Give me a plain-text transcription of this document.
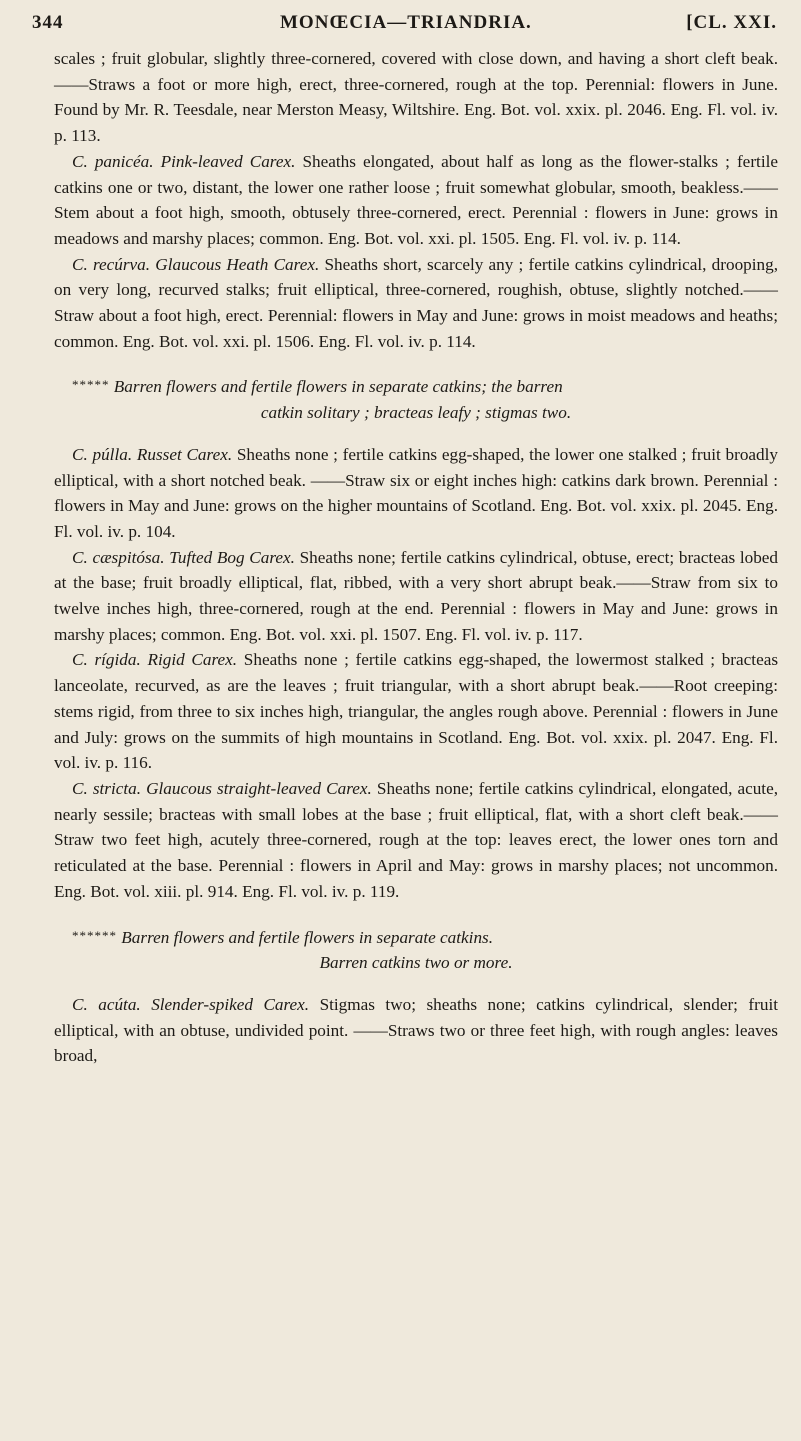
344	MONŒCIA—TRIANDRIA.	[CL. XXI.

scales ; fruit globular, slightly three-cornered, covered with close down, and having a short cleft beak.——Straws a foot or more high, erect, three-cornered, rough at the top. Perennial: flowers in June. Found by Mr. R. Teesdale, near Merston Measy, Wiltshire. Eng. Bot. vol. xxix. pl. 2046. Eng. Fl. vol. iv. p. 113.

C. panicéa. Pink-leaved Carex. Sheaths elongated, about half as long as the flower-stalks ; fertile catkins one or two, distant, the lower one rather loose ; fruit somewhat globular, smooth, beakless.——Stem about a foot high, smooth, obtusely three-cornered, erect. Perennial : flowers in June: grows in meadows and marshy places; common. Eng. Bot. vol. xxi. pl. 1505. Eng. Fl. vol. iv. p. 114.

C. recúrva. Glaucous Heath Carex. Sheaths short, scarcely any ; fertile catkins cylindrical, drooping, on very long, recurved stalks; fruit elliptical, three-cornered, roughish, obtuse, slightly notched.——Straw about a foot high, erect. Perennial: flowers in May and June: grows in moist meadows and heaths; common. Eng. Bot. vol. xxi. pl. 1506. Eng. Fl. vol. iv. p. 114.

***** Barren flowers and fertile flowers in separate catkins; the barren
catkin solitary ; bracteas leafy ; stigmas two.

C. púlla. Russet Carex. Sheaths none ; fertile catkins egg-shaped, the lower one stalked ; fruit broadly elliptical, with a short notched beak. ——Straw six or eight inches high: catkins dark brown. Perennial : flowers in May and June: grows on the higher mountains of Scotland. Eng. Bot. vol. xxix. pl. 2045. Eng. Fl. vol. iv. p. 104.

C. cæspitósa. Tufted Bog Carex. Sheaths none; fertile catkins cylindrical, obtuse, erect; bracteas lobed at the base; fruit broadly elliptical, flat, ribbed, with a very short abrupt beak.——Straw from six to twelve inches high, three-cornered, rough at the end. Perennial : flowers in May and June: grows in marshy places; common. Eng. Bot. vol. xxi. pl. 1507. Eng. Fl. vol. iv. p. 117.

C. rígida. Rigid Carex. Sheaths none ; fertile catkins egg-shaped, the lowermost stalked ; bracteas lanceolate, recurved, as are the leaves ; fruit triangular, with a short abrupt beak.——Root creeping: stems rigid, from three to six inches high, triangular, the angles rough above. Perennial : flowers in June and July: grows on the summits of high mountains in Scotland. Eng. Bot. vol. xxix. pl. 2047. Eng. Fl. vol. iv. p. 116.

C. stricta. Glaucous straight-leaved Carex. Sheaths none; fertile catkins cylindrical, elongated, acute, nearly sessile; bracteas with small lobes at the base ; fruit elliptical, flat, with a short cleft beak.——Straw two feet high, acutely three-cornered, rough at the top: leaves erect, the lower ones torn and reticulated at the base. Perennial : flowers in April and May: grows in marshy places; not uncommon. Eng. Bot. vol. xiii. pl. 914. Eng. Fl. vol. iv. p. 119.

****** Barren flowers and fertile flowers in separate catkins.
Barren catkins two or more.

C. acúta. Slender-spiked Carex. Stigmas two; sheaths none; catkins cylindrical, slender; fruit elliptical, with an obtuse, undivided point. ——Straws two or three feet high, with rough angles: leaves broad,
